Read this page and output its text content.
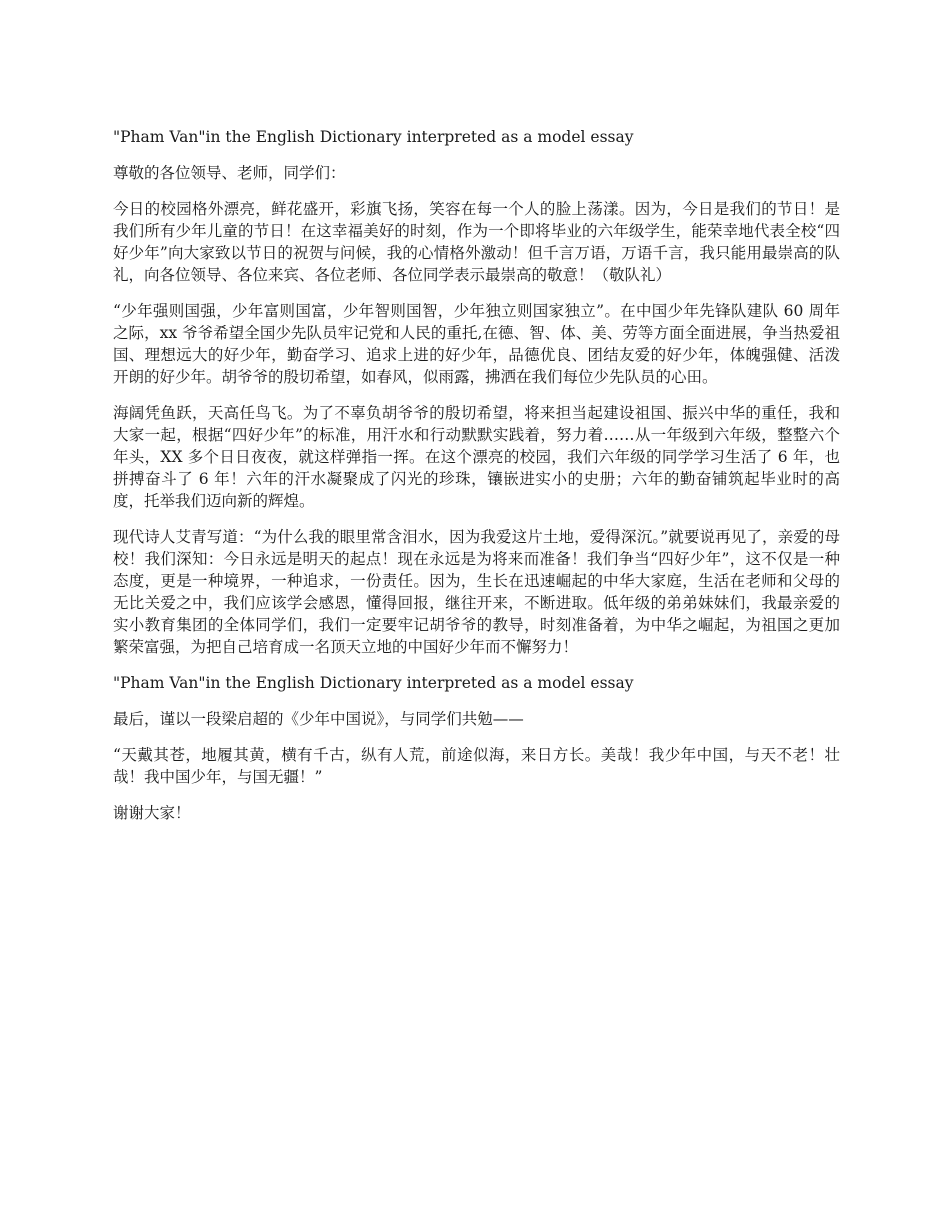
"Pham Van"in the English Dictionary interpreted as a model essay

尊敬的各位领导、老师，同学们：

今日的校园格外漂亮，鲜花盛开，彩旗飞扬，笑容在每一个人的脸上荡漾。因为，今日是我们的节日！是我们所有少年儿童的节日！在这幸福美好的时刻，作为一个即将毕业的六年级学生，能荣幸地代表全校“四好少年”向大家致以节日的祝贺与问候，我的心情格外激动！但千言万语，万语千言，我只能用最崇高的队礼，向各位领导、各位来宾、各位老师、各位同学表示最崇高的敬意！（敬队礼）

“少年强则国强，少年富则国富，少年智则国智，少年独立则国家独立”。在中国少年先锋队建队 60 周年之际，xx 爷爷希望全国少先队员牢记党和人民的重托,在德、智、体、美、劳等方面全面进展，争当热爱祖国、理想远大的好少年，勤奋学习、追求上进的好少年，品德优良、团结友爱的好少年，体魄强健、活泼开朗的好少年。胡爷爷的殷切希望，如春风，似雨露，拂洒在我们每位少先队员的心田。

海阔凭鱼跃，天高任鸟飞。为了不辜负胡爷爷的殷切希望，将来担当起建设祖国、振兴中华的重任，我和大家一起，根据“四好少年”的标准，用汗水和行动默默实践着，努力着……从一年级到六年级，整整六个年头，XX 多个日日夜夜，就这样弹指一挥。在这个漂亮的校园，我们六年级的同学学习生活了 6 年，也拼搏奋斗了 6 年！六年的汗水凝聚成了闪光的珍珠，镶嵌进实小的史册；六年的勤奋铺筑起毕业时的高度，托举我们迈向新的辉煌。

现代诗人艾青写道：“为什么我的眼里常含泪水，因为我爱这片土地，爱得深沉。”就要说再见了，亲爱的母校！我们深知：今日永远是明天的起点！现在永远是为将来而准备！我们争当“四好少年”，这不仅是一种态度，更是一种境界，一种追求，一份责任。因为，生长在迅速崛起的中华大家庭，生活在老师和父母的无比关爱之中，我们应该学会感恩，懂得回报，继往开来，不断进取。低年级的弟弟妹妹们，我最亲爱的实小教育集团的全体同学们，我们一定要牢记胡爷爷的教导，时刻准备着，为中华之崛起，为祖国之更加繁荣富强，为把自己培育成一名顶天立地的中国好少年而不懈努力！

"Pham Van"in the English Dictionary interpreted as a model essay

最后，谨以一段梁启超的《少年中国说》，与同学们共勉——

“天戴其苍，地履其黄，横有千古，纵有人荒，前途似海，来日方长。美哉！我少年中国，与天不老！壮哉！我中国少年，与国无疆！”

谢谢大家！
